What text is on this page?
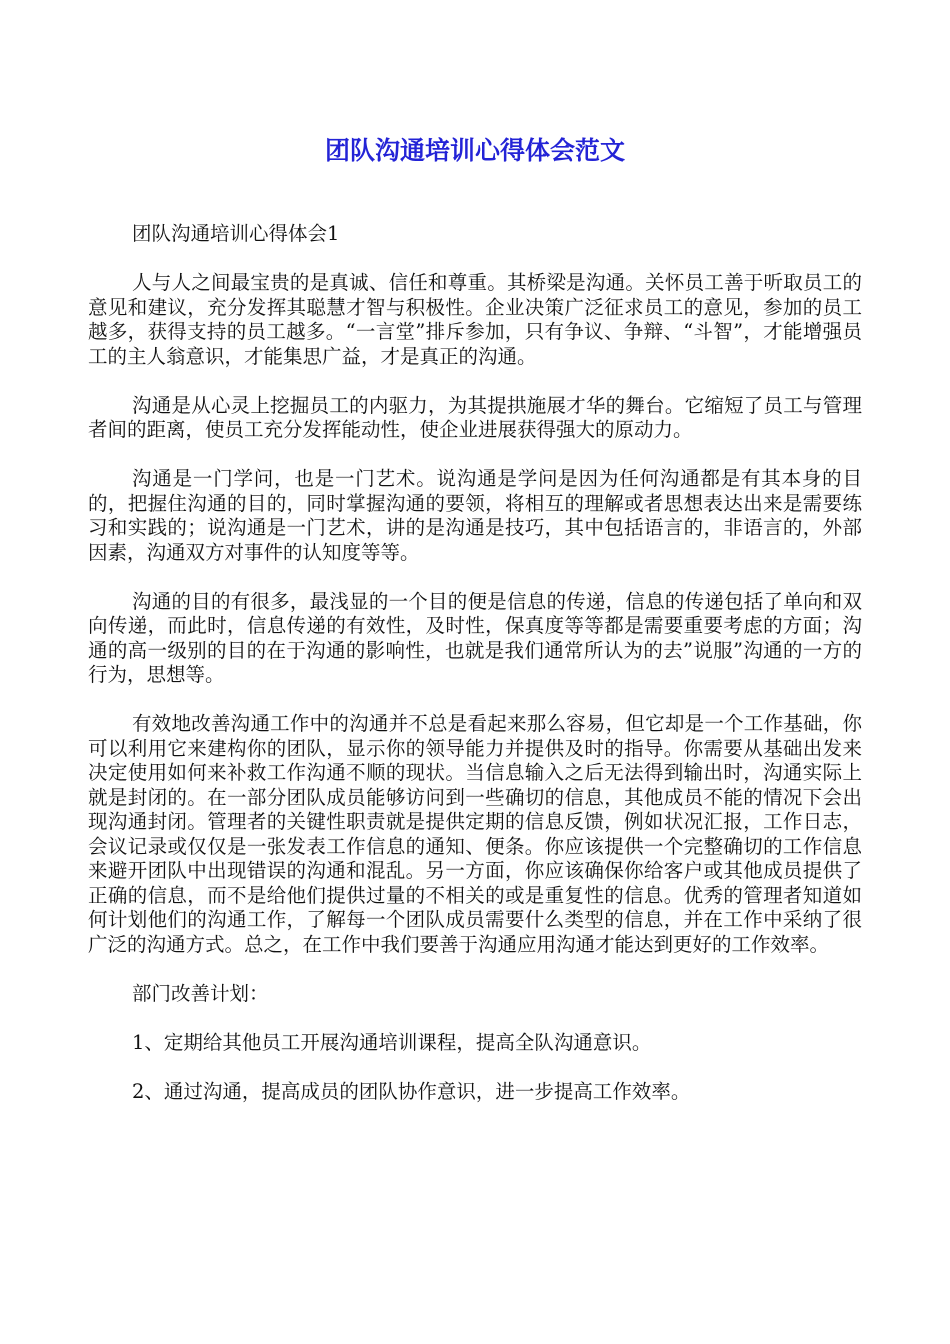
团队沟通培训心得体会范文

团队沟通培训心得体会1

人与人之间最宝贵的是真诚、信任和尊重。其桥梁是沟通。关怀员工善于听取员工的意见和建议，充分发挥其聪慧才智与积极性。企业决策广泛征求员工的意见，参加的员工越多，获得支持的员工越多。“一言堂”排斥参加，只有争议、争辩、“斗智”，才能增强员工的主人翁意识，才能集思广益，才是真正的沟通。

沟通是从心灵上挖掘员工的内驱力，为其提拱施展才华的舞台。它缩短了员工与管理者间的距离，使员工充分发挥能动性，使企业进展获得强大的原动力。

沟通是一门学问，也是一门艺术。说沟通是学问是因为任何沟通都是有其本身的目的，把握住沟通的目的，同时掌握沟通的要领，将相互的理解或者思想表达出来是需要练习和实践的；说沟通是一门艺术，讲的是沟通是技巧，其中包括语言的，非语言的，外部因素，沟通双方对事件的认知度等等。

沟通的目的有很多，最浅显的一个目的便是信息的传递，信息的传递包括了单向和双向传递，而此时，信息传递的有效性，及时性，保真度等等都是需要重要考虑的方面；沟通的高一级别的目的在于沟通的影响性，也就是我们通常所认为的去”说服”沟通的一方的行为，思想等。

有效地改善沟通工作中的沟通并不总是看起来那么容易，但它却是一个工作基础，你可以利用它来建构你的团队，显示你的领导能力并提供及时的指导。你需要从基础出发来决定使用如何来补救工作沟通不顺的现状。当信息输入之后无法得到输出时，沟通实际上就是封闭的。在一部分团队成员能够访问到一些确切的信息，其他成员不能的情况下会出现沟通封闭。管理者的关键性职责就是提供定期的信息反馈，例如状况汇报，工作日志，会议记录或仅仅是一张发表工作信息的通知、便条。你应该提供一个完整确切的工作信息来避开团队中出现错误的沟通和混乱。另一方面，你应该确保你给客户或其他成员提供了正确的信息，而不是给他们提供过量的不相关的或是重复性的信息。优秀的管理者知道如何计划他们的沟通工作，了解每一个团队成员需要什么类型的信息，并在工作中采纳了很广泛的沟通方式。总之，在工作中我们要善于沟通应用沟通才能达到更好的工作效率。

部门改善计划：

1、定期给其他员工开展沟通培训课程，提高全队沟通意识。

2、通过沟通，提高成员的团队协作意识，进一步提高工作效率。
